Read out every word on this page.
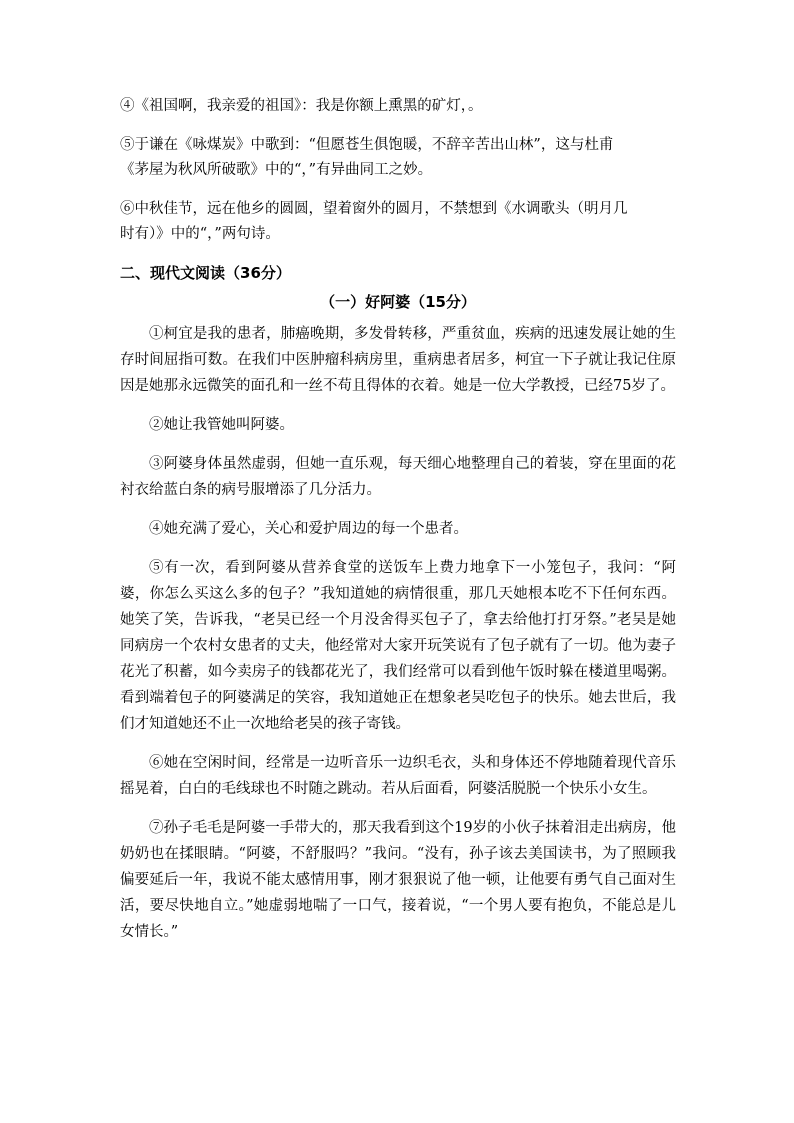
④《祖国啊，我亲爱的祖国》：我是你额上熏黑的矿灯，。
⑤于谦在《咏煤炭》中歌到：“但愿苍生俱饱暖，不辞辛苦出山林”，这与杜甫
《茅屋为秋风所破歌》中的“，”有异曲同工之妙。
⑥中秋佳节，远在他乡的圆圆，望着窗外的圆月，不禁想到《水调歌头（明月几
时有）》中的“，”两句诗。
二、现代文阅读（36分）
（一）好阿婆（15分）

①柯宜是我的患者，肺癌晚期，多发骨转移，严重贫血，疾病的迅速发展让她的生存时间屈指可数。在我们中医肿瘤科病房里，重病患者居多，柯宜一下子就让我记住原因是她那永远微笑的面孔和一丝不苟且得体的衣着。她是一位大学教授，已经75岁了。

②她让我管她叫阿婆。

③阿婆身体虽然虚弱，但她一直乐观，每天细心地整理自己的着装，穿在里面的花衬衣给蓝白条的病号服增添了几分活力。

④她充满了爱心，关心和爱护周边的每一个患者。

⑤有一次，看到阿婆从营养食堂的送饭车上费力地拿下一小笼包子，我问：“阿婆，你怎么买这么多的包子？”我知道她的病情很重，那几天她根本吃不下任何东西。她笑了笑，告诉我，“老吴已经一个月没舍得买包子了，拿去给他打打牙祭。”老吴是她同病房一个农村女患者的丈夫，他经常对大家开玩笑说有了包子就有了一切。他为妻子花光了积蓄，如今卖房子的钱都花光了，我们经常可以看到他午饭时躲在楼道里喝粥。看到端着包子的阿婆满足的笑容，我知道她正在想象老吴吃包子的快乐。她去世后，我们才知道她还不止一次地给老吴的孩子寄钱。

⑥她在空闲时间，经常是一边听音乐一边织毛衣，头和身体还不停地随着现代音乐摇晃着，白白的毛线球也不时随之跳动。若从后面看，阿婆活脱脱一个快乐小女生。

⑦孙子毛毛是阿婆一手带大的，那天我看到这个19岁的小伙子抹着泪走出病房，他奶奶也在揉眼睛。“阿婆，不舒服吗？”我问。“没有，孙子该去美国读书，为了照顾我偏要延后一年，我说不能太感情用事，刚才狠狠说了他一顿，让他要有勇气自己面对生活，要尽快地自立。”她虚弱地喘了一口气，接着说，“一个男人要有抱负，不能总是儿女情长。”
